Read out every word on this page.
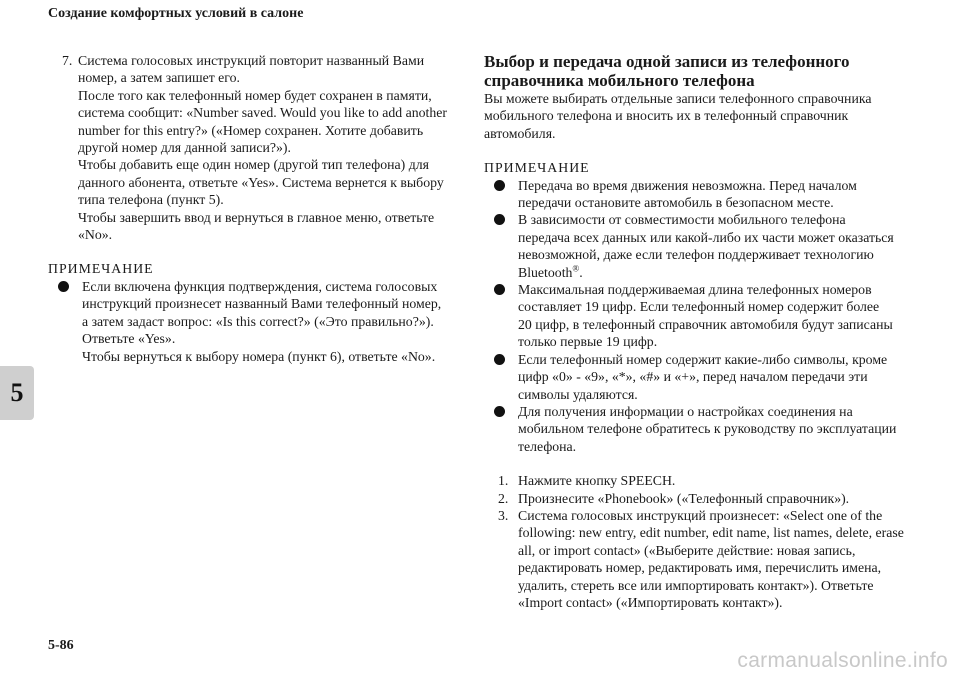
Создание комфортных условий в салоне
5
7. Система голосовых инструкций повторит названный Вами
номер, а затем запишет его.
После того как телефонный номер будет сохранен в памяти,
система сообщит: «Number saved. Would you like to add another
number for this entry?» («Номер сохранен. Хотите добавить
другой номер для данной записи?»).
Чтобы добавить еще один номер (другой тип телефона) для
данного абонента, ответьте «Yes». Система вернется к выбору
типа телефона (пункт 5).
Чтобы завершить ввод и вернуться в главное меню, ответьте
«No».
ПРИМЕЧАНИЕ
Если включена функция подтверждения, система голосовых
инструкций произнесет названный Вами телефонный номер,
а затем задаст вопрос: «Is this correct?» («Это правильно?»).
Ответьте «Yes».
Чтобы вернуться к выбору номера (пункт 6), ответьте «No».
Выбор и передача одной записи из телефонного
справочника мобильного телефона
Вы можете выбирать отдельные записи телефонного справочника
мобильного телефона и вносить их в телефонный справочник
автомобиля.
ПРИМЕЧАНИЕ
Передача во время движения невозможна. Перед началом
передачи остановите автомобиль в безопасном месте.
В зависимости от совместимости мобильного телефона
передача всех данных или какой-либо их части может оказаться
невозможной, даже если телефон поддерживает технологию
Bluetooth®.
Максимальная поддерживаемая длина телефонных номеров
составляет 19 цифр. Если телефонный номер содержит более
20 цифр, в телефонный справочник автомобиля будут записаны
только первые 19 цифр.
Если телефонный номер содержит какие-либо символы, кроме
цифр «0» - «9», «*», «#» и «+», перед началом передачи эти
символы удаляются.
Для получения информации о настройках соединения на
мобильном телефоне обратитесь к руководству по эксплуатации
телефона.
1. Нажмите кнопку SPEECH.
2. Произнесите «Phonebook» («Телефонный справочник»).
3. Система голосовых инструкций произнесет: «Select one of the
following: new entry, edit number, edit name, list names, delete, erase
all, or import contact» («Выберите действие: новая запись,
редактировать номер, редактировать имя, перечислить имена,
удалить, стереть все или импортировать контакт»). Ответьте
«Import contact» («Импортировать контакт»).
5-86
carmanualsonline.info
